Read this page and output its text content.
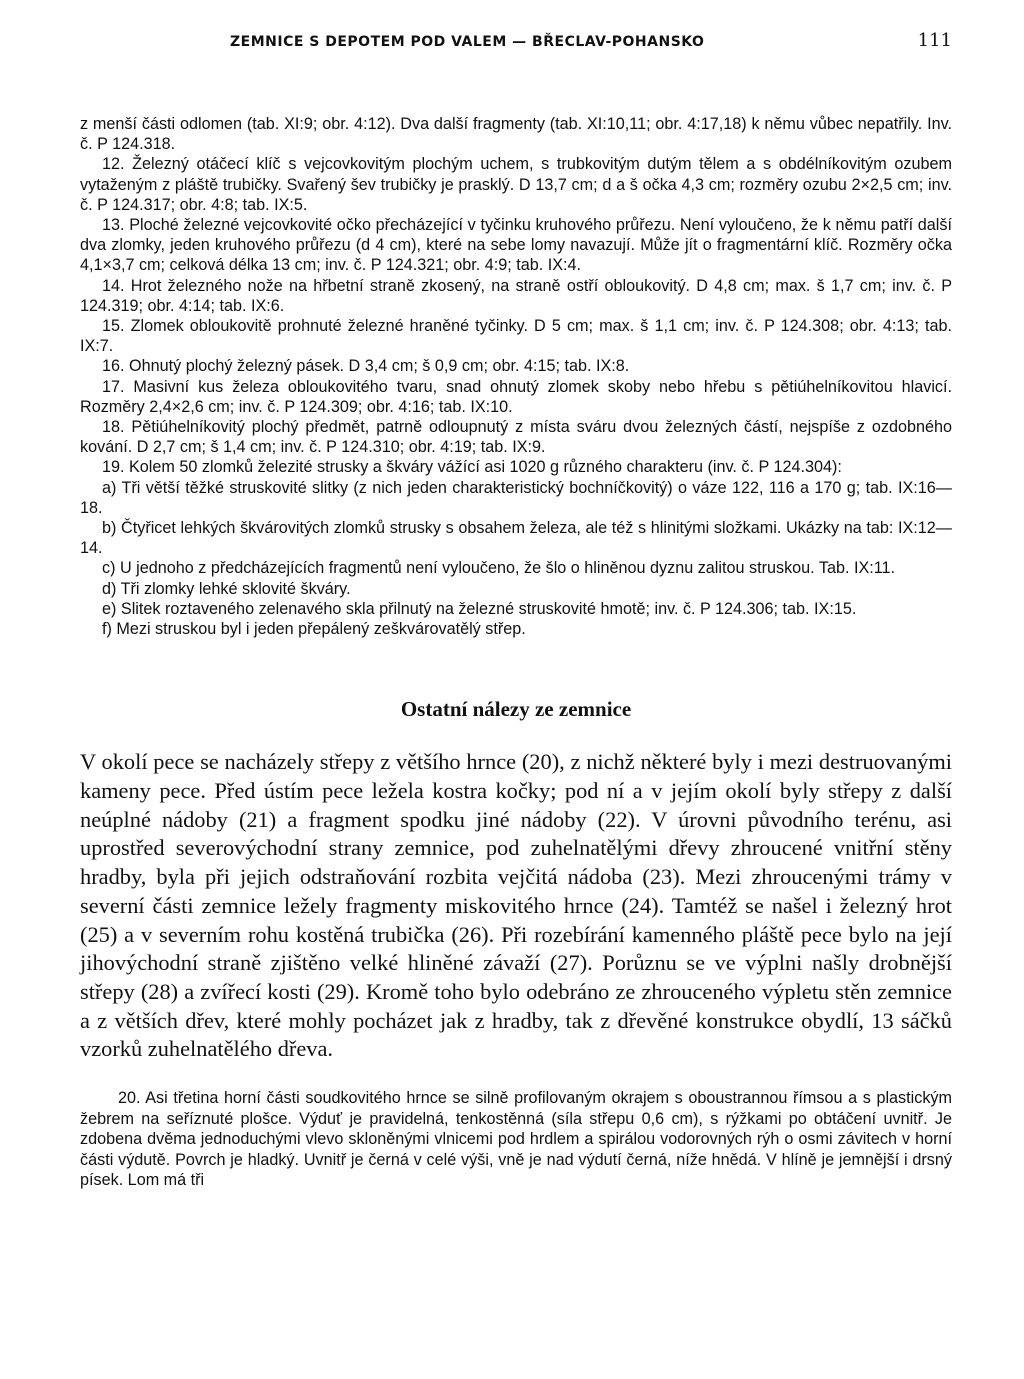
ZEMNICE S DEPOTEM POD VALEM — BŘECLAV-POHANSKO	111

z menší části odlomen (tab. XI:9; obr. 4:12). Dva další fragmenty (tab. XI:10,11; obr. 4:17,18) k němu vůbec nepatřily. Inv. č. P 124.318.

12. Železný otáčecí klíč s vejcovkovitým plochým uchem, s trubkovitým dutým tělem a s obdélníkovitým ozubem vytaženým z pláště trubičky. Svařený šev trubičky je prasklý. D 13,7 cm; d a š očka 4,3 cm; rozměry ozubu 2×2,5 cm; inv. č. P 124.317; obr. 4:8; tab. IX:5.

13. Ploché železné vejcovkovité očko přecházející v tyčinku kruhového průřezu. Není vyloučeno, že k němu patří další dva zlomky, jeden kruhového průřezu (d 4 cm), které na sebe lomy navazují. Může jít o fragmentární klíč. Rozměry očka 4,1×3,7 cm; celková délka 13 cm; inv. č. P 124.321; obr. 4:9; tab. IX:4.

14. Hrot železného nože na hřbetní straně zkosený, na straně ostří obloukovitý. D 4,8 cm; max. š 1,7 cm; inv. č. P 124.319; obr. 4:14; tab. IX:6.

15. Zlomek obloukovitě prohnuté železné hraněné tyčinky. D 5 cm; max. š 1,1 cm; inv. č. P 124.308; obr. 4:13; tab. IX:7.

16. Ohnutý plochý železný pásek. D 3,4 cm; š 0,9 cm; obr. 4:15; tab. IX:8.

17. Masivní kus železa obloukovitého tvaru, snad ohnutý zlomek skoby nebo hřebu s pětiúhelníkovitou hlavicí. Rozměry 2,4×2,6 cm; inv. č. P 124.309; obr. 4:16; tab. IX:10.

18. Pětiúhelníkovitý plochý předmět, patrně odloupnutý z místa sváru dvou železných částí, nejspíše z ozdobného kování. D 2,7 cm; š 1,4 cm; inv. č. P 124.310; obr. 4:19; tab. IX:9.

19. Kolem 50 zlomků železité strusky a škváry vážící asi 1020 g různého charakteru (inv. č. P 124.304):

a) Tři větší těžké struskovité slitky (z nich jeden charakteristický bochníčkovitý) o váze 122, 116 a 170 g; tab. IX:16—18.

b) Čtyřicet lehkých škvárovitých zlomků strusky s obsahem železa, ale též s hlinitými složkami. Ukázky na tab: IX:12—14.

c) U jednoho z předcházejících fragmentů není vyloučeno, že šlo o hliněnou dyznu zalitou struskou. Tab. IX:11.

d) Tři zlomky lehké sklovité škváry.

e) Slitek roztaveného zelenavého skla přilnutý na železné struskovité hmotě; inv. č. P 124.306; tab. IX:15.

f) Mezi struskou byl i jeden přepálený zeškvárovatělý střep.

Ostatní nálezy ze zemnice

V okolí pece se nacházely střepy z většího hrnce (20), z nichž některé byly i mezi destruovanými kameny pece. Před ústím pece ležela kostra kočky; pod ní a v jejím okolí byly střepy z další neúplné nádoby (21) a fragment spodku jiné nádoby (22). V úrovni původního terénu, asi uprostřed severovýchodní strany zemnice, pod zuhelnatělými dřevy zhroucené vnitřní stěny hradby, byla při jejich odstraňování rozbita vejčitá nádoba (23). Mezi zhroucenými trámy v severní části zemnice ležely fragmenty miskovitého hrnce (24). Tamtéž se našel i železný hrot (25) a v severním rohu kostěná trubička (26). Při rozebírání kamenného pláště pece bylo na její jihovýchodní straně zjištěno velké hliněné závaží (27). Porůznu se ve výplni našly drobnější střepy (28) a zvířecí kosti (29). Kromě toho bylo odebráno ze zhrouceného výpletu stěn zemnice a z větších dřev, které mohly pocházet jak z hradby, tak z dřevěné konstrukce obydlí, 13 sáčků vzorků zuhelnatělého dřeva.

20. Asi třetina horní části soudkovitého hrnce se silně profilovaným okrajem s oboustrannou římsou a s plastickým žebrem na seříznuté plošce. Výduť je pravidelná, tenkostěnná (síla střepu 0,6 cm), s rýžkami po obtáčení uvnitř. Je zdobena dvěma jednoduchými vlevo skloněnými vlnicemi pod hrdlem a spirálou vodorovných rýh o osmi závitech v horní části výdutě. Povrch je hladký. Uvnitř je černá v celé výši, vně je nad výdutí černá, níže hnědá. V hlíně je jemnější i drsný písek. Lom má tři
